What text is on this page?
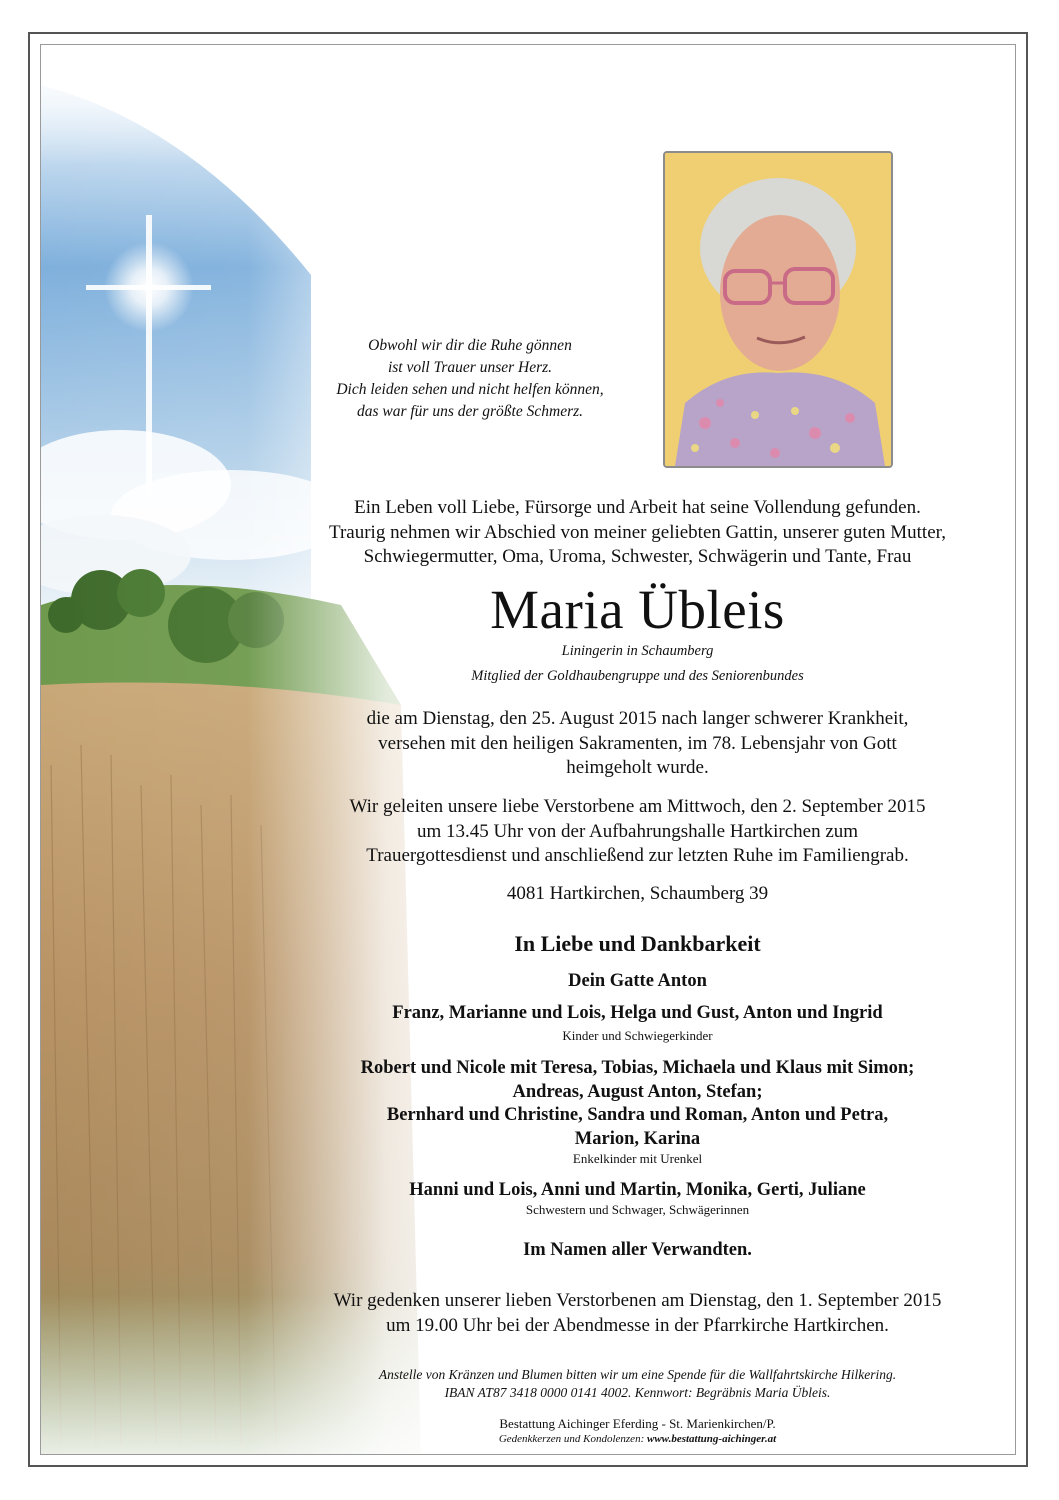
Obwohl wir dir die Ruhe gönnen
ist voll Trauer unser Herz.
Dich leiden sehen und nicht helfen können,
das war für uns der größte Schmerz.
Ein Leben voll Liebe, Fürsorge und Arbeit hat seine Vollendung gefunden.
Traurig nehmen wir Abschied von meiner geliebten Gattin, unserer guten Mutter,
Schwiegermutter, Oma, Uroma, Schwester, Schwägerin und Tante, Frau
Maria Übleis
Liningerin in Schaumberg
Mitglied der Goldhaubengruppe und des Seniorenbundes
die am Dienstag, den 25. August 2015 nach langer schwerer Krankheit,
versehen mit den heiligen Sakramenten, im 78. Lebensjahr von Gott
heimgeholt wurde.
Wir geleiten unsere liebe Verstorbene am Mittwoch, den 2. September 2015
um 13.45 Uhr von der Aufbahrungshalle Hartkirchen zum
Trauergottesdienst und anschließend zur letzten Ruhe im Familiengrab.
4081 Hartkirchen, Schaumberg 39
In Liebe und Dankbarkeit
Dein Gatte Anton
Franz, Marianne und Lois, Helga und Gust, Anton und Ingrid
Kinder und Schwiegerkinder
Robert und Nicole mit Teresa, Tobias, Michaela und Klaus mit Simon;
Andreas, August Anton, Stefan;
Bernhard und Christine, Sandra und Roman, Anton und Petra,
Marion, Karina
Enkelkinder mit Urenkel
Hanni und Lois, Anni und Martin, Monika, Gerti, Juliane
Schwestern und Schwager, Schwägerinnen
Im Namen aller Verwandten.
Wir gedenken unserer lieben Verstorbenen am Dienstag, den 1. September 2015
um 19.00 Uhr bei der Abendmesse in der Pfarrkirche Hartkirchen.
Anstelle von Kränzen und Blumen bitten wir um eine Spende für die Wallfahrtskirche Hilkering.
IBAN AT87 3418 0000 0141 4002. Kennwort: Begräbnis Maria Übleis.
Bestattung Aichinger Eferding - St. Marienkirchen/P.
Gedenkkerzen und Kondolenzen: www.bestattung-aichinger.at
